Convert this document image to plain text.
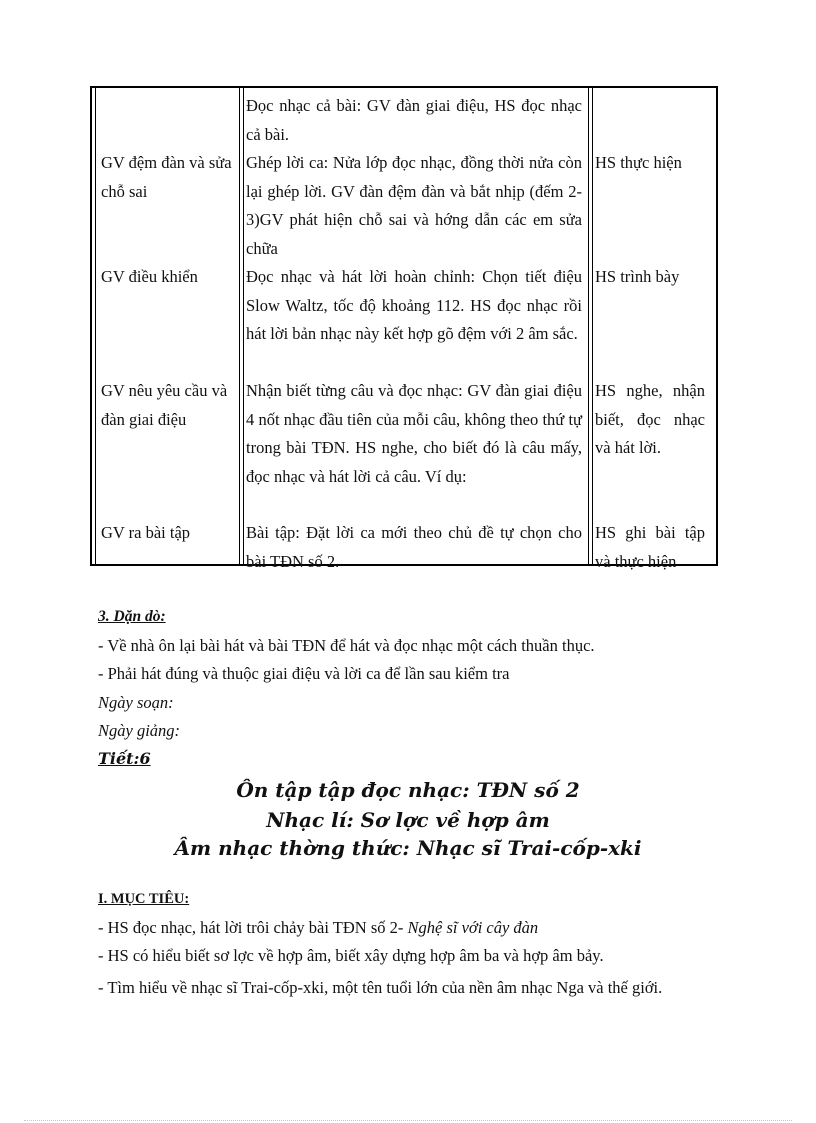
GV đệm đàn và sửa chỗ sai
GV điều khiển
GV nêu yêu cầu và đàn giai điệu
GV ra bài tập
Đọc nhạc cả bài: GV đàn giai điệu, HS đọc nhạc cả bài.
Ghép lời ca: Nửa lớp đọc nhạc, đồng thời nửa còn lại ghép lời. GV đàn đệm đàn và bắt nhịp (đếm 2-3)GV phát hiện chỗ sai và hớng dẫn các em sửa chữa
Đọc nhạc và hát lời hoàn chỉnh: Chọn tiết điệu Slow Waltz, tốc độ khoảng 112. HS đọc nhạc rồi hát lời bản nhạc này kết hợp gõ đệm với 2 âm sắc.
Nhận biết từng câu và đọc nhạc: GV đàn giai điệu 4 nốt nhạc đầu tiên của mỗi câu, không theo thứ tự trong bài TĐN. HS nghe, cho biết đó là câu mấy, đọc nhạc và hát lời cả câu. Ví dụ:
Bài tập: Đặt lời ca mới theo chủ đề tự chọn cho bài TĐN số 2.
HS thực hiện
HS trình bày
HS nghe, nhận biết, đọc nhạc và hát lời.
HS ghi bài tập và thực hiện
3. Dặn dò:
- Về nhà ôn lại bài hát và bài TĐN để hát và đọc nhạc một cách thuần thục.
- Phải hát đúng và thuộc giai điệu và lời ca để lần sau kiểm tra
Ngày soạn:
Ngày giảng:
Tiết:6
Ôn tập tập đọc nhạc: TĐN số 2
Nhạc lí: Sơ lợc về hợp âm
Âm nhạc thờng thức: Nhạc sĩ Trai-cốp-xki
I. MỤC TIÊU:
- HS đọc nhạc, hát lời trôi chảy bài TĐN số 2- Nghệ sĩ với cây đàn
- HS có hiểu biết sơ lợc về hợp âm, biết xây dựng hợp âm ba và hợp âm bảy.
- Tìm hiểu về nhạc sĩ Trai-cốp-xki, một tên tuổi lớn của nền âm nhạc Nga và thế giới.
